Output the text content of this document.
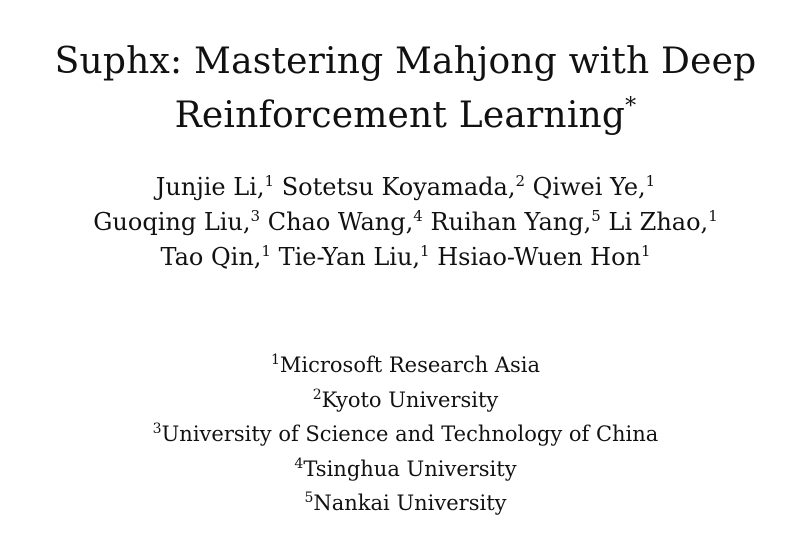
Suphx: Mastering Mahjong with Deep
Reinforcement Learning*
Junjie Li,$^1$ Sotetsu Koyamada,$^2$ Qiwei Ye,$^1$
Guoqing Liu,$^3$ Chao Wang,$^4$ Ruihan Yang,$^5$ Li Zhao,$^1$
Tao Qin,$^1$ Tie-Yan Liu,$^1$ Hsiao-Wuen Hon$^1$
$^1$Microsoft Research Asia
$^2$Kyoto University
$^3$University of Science and Technology of China
$^4$Tsinghua University
$^5$Nankai University
